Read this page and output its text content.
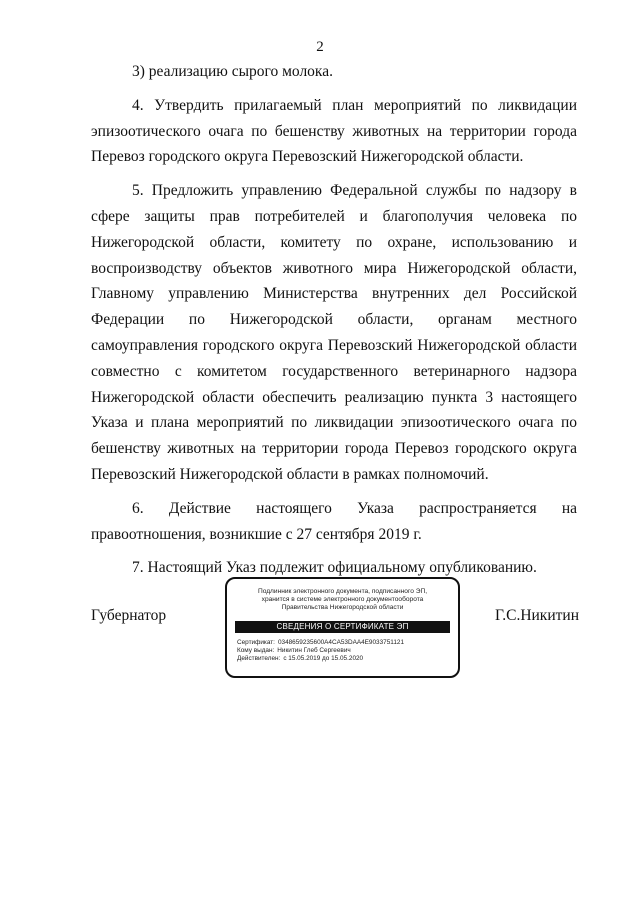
2

3) реализацию сырого молока.

4. Утвердить прилагаемый план мероприятий по ликвидации эпизоотического очага по бешенству животных на территории города Перевоз городского округа Перевозский Нижегородской области.

5. Предложить управлению Федеральной службы по надзору в сфере защиты прав потребителей и благополучия человека по Нижегородской области, комитету по охране, использованию и воспроизводству объектов животного мира Нижегородской области, Главному управлению Министерства внутренних дел Российской Федерации по Нижегородской области, органам местного самоуправления городского округа Перевозский Нижегородской области совместно с комитетом государственного ветеринарного надзора Нижегородской области обеспечить реализацию пункта 3 настоящего Указа и плана мероприятий по ликвидации эпизоотического очага по бешенству животных на территории города Перевоз городского округа Перевозский Нижегородской области в рамках полномочий.

6. Действие настоящего Указа распространяется на правоотношения, возникшие с 27 сентября 2019 г.

7. Настоящий Указ подлежит официальному опубликованию.

Губернатор	Г.С.Никитин
Подлинник электронного документа, подписанного ЭП,
хранится в системе электронного документооборота
Правительства Нижегородской области
СВЕДЕНИЯ О СЕРТИФИКАТЕ ЭП
Сертификат: 0348659235600A4CA53DAA4E9033751121
Кому выдан: Никитин Глеб Сергеевич
Действителен: с 15.05.2019 до 15.05.2020
